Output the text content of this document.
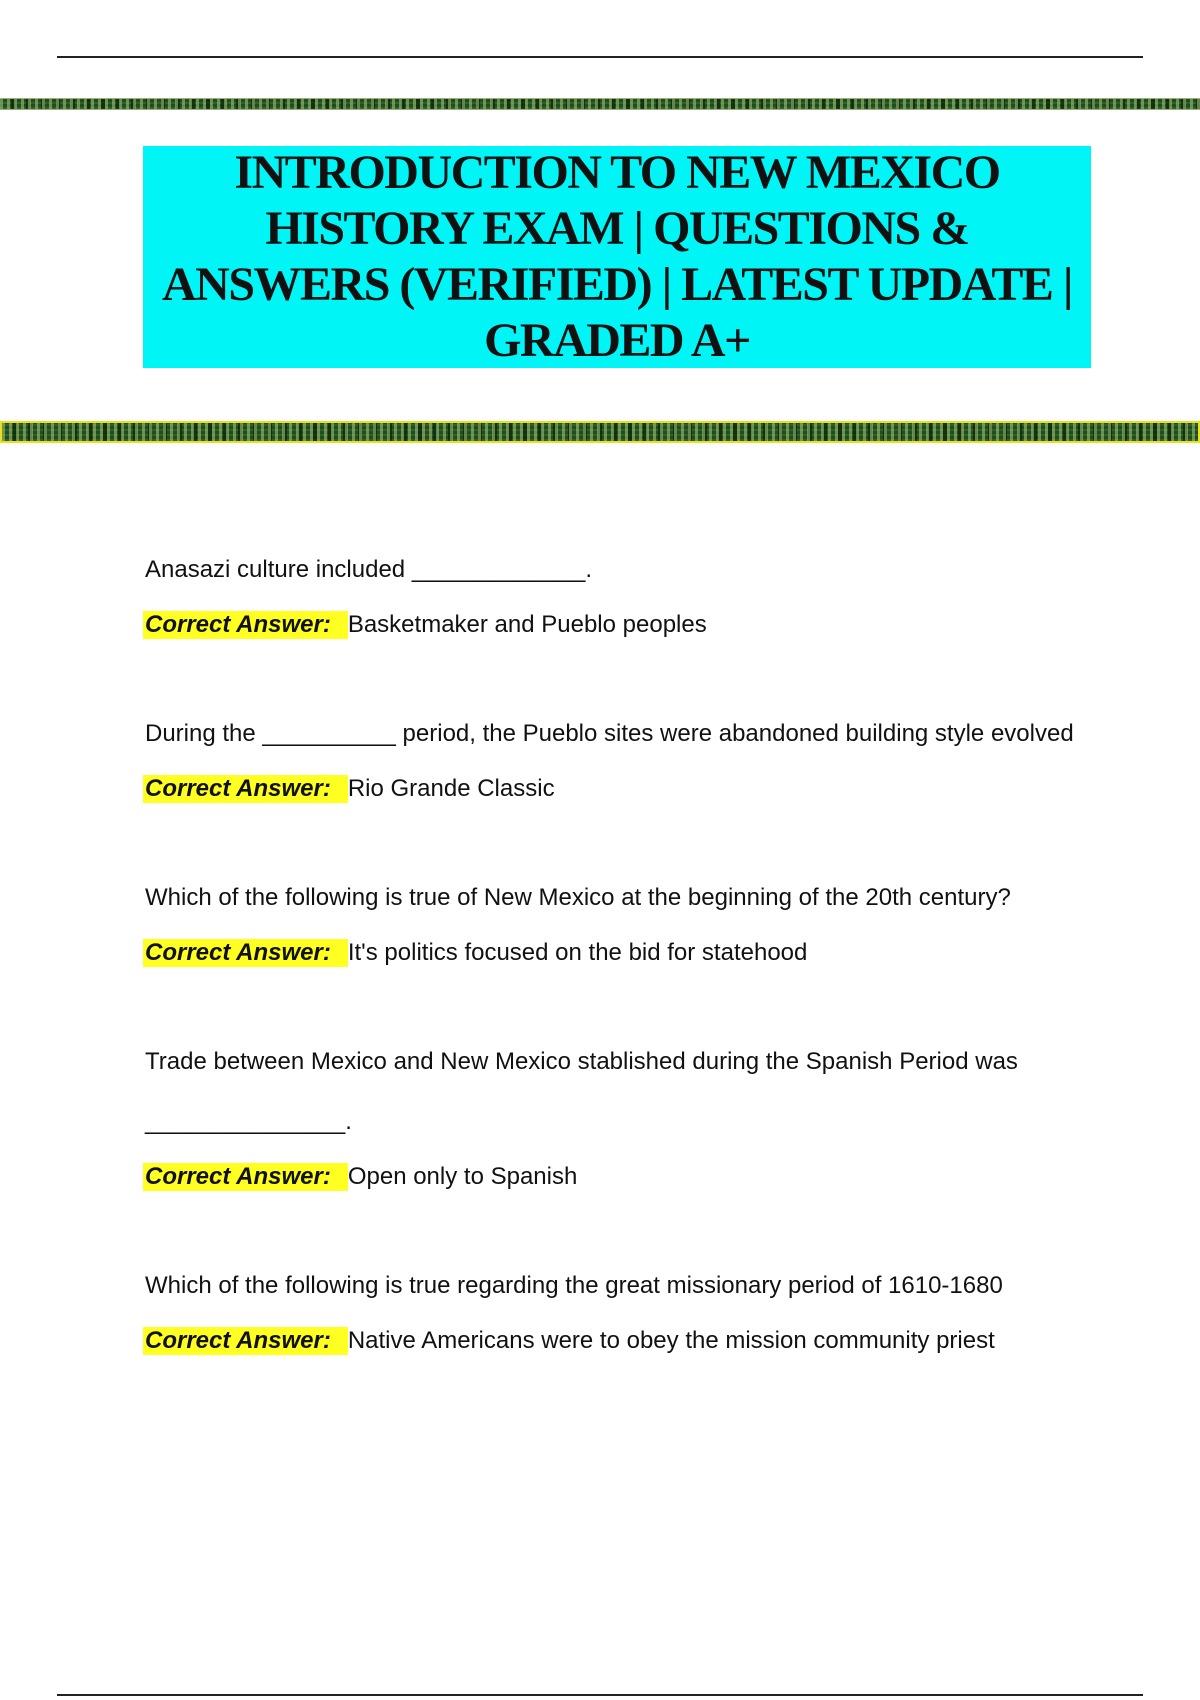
INTRODUCTION TO NEW MEXICO HISTORY EXAM | QUESTIONS & ANSWERS (VERIFIED) | LATEST UPDATE | GRADED A+
Anasazi culture included _____________.
Correct Answer: Basketmaker and Pueblo peoples
During the __________ period, the Pueblo sites were abandoned building style evolved
Correct Answer: Rio Grande Classic
Which of the following is true of New Mexico at the beginning of the 20th century?
Correct Answer: It's politics focused on the bid for statehood
Trade between Mexico and New Mexico stablished during the Spanish Period was
_______________.
Correct Answer: Open only to Spanish
Which of the following is true regarding the great missionary period of 1610-1680
Correct Answer: Native Americans were to obey the mission community priest
